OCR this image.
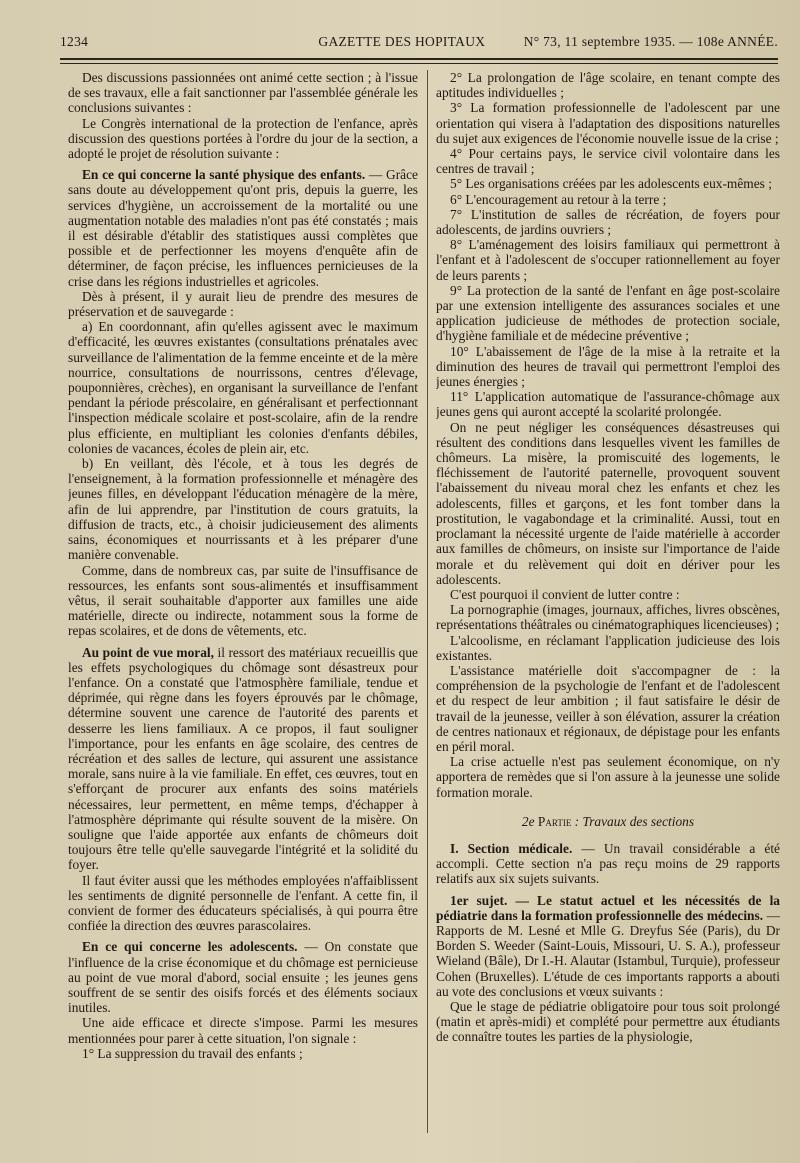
1234	GAZETTE DES HOPITAUX	N° 73, 11 septembre 1935. — 108e ANNÉE.

Des discussions passionnées ont animé cette section ; à l'issue de ses travaux, elle a fait sanctionner par l'assemblée générale les conclusions suivantes :

Le Congrès international de la protection de l'enfance, après discussion des questions portées à l'ordre du jour de la section, a adopté le projet de résolution suivante :

En ce qui concerne la santé physique des enfants. — Grâce sans doute au développement qu'ont pris, depuis la guerre, les services d'hygiène, un accroissement de la mortalité ou une augmentation notable des maladies n'ont pas été constatés ; mais il est désirable d'établir des statistiques aussi complètes que possible et de perfectionner les moyens d'enquête afin de déterminer, de façon précise, les influences pernicieuses de la crise dans les régions industrielles et agricoles.

Dès à présent, il y aurait lieu de prendre des mesures de préservation et de sauvegarde :

a) En coordonnant, afin qu'elles agissent avec le maximum d'efficacité, les œuvres existantes (consultations prénatales avec surveillance de l'alimentation de la femme enceinte et de la mère nourrice, consultations de nourrissons, centres d'élevage, pouponnières, crèches), en organisant la surveillance de l'enfant pendant la période préscolaire, en généralisant et perfectionnant l'inspection médicale scolaire et post-scolaire, afin de la rendre plus efficiente, en multipliant les colonies d'enfants débiles, colonies de vacances, écoles de plein air, etc.

b) En veillant, dès l'école, et à tous les degrés de l'enseignement, à la formation professionnelle et ménagère des jeunes filles, en développant l'éducation ménagère de la mère, afin de lui apprendre, par l'institution de cours gratuits, la diffusion de tracts, etc., à choisir judicieusement des aliments sains, économiques et nourrissants et à les préparer d'une manière convenable.

Comme, dans de nombreux cas, par suite de l'insuffisance de ressources, les enfants sont sous-alimentés et insuffisamment vêtus, il serait souhaitable d'apporter aux familles une aide matérielle, directe ou indirecte, notamment sous la forme de repas scolaires, et de dons de vêtements, etc.

Au point de vue moral, il ressort des matériaux recueillis que les effets psychologiques du chômage sont désastreux pour l'enfance. On a constaté que l'atmosphère familiale, tendue et déprimée, qui règne dans les foyers éprouvés par le chômage, détermine souvent une carence de l'autorité des parents et desserre les liens familiaux. A ce propos, il faut souligner l'importance, pour les enfants en âge scolaire, des centres de récréation et des salles de lecture, qui assurent une assistance morale, sans nuire à la vie familiale. En effet, ces œuvres, tout en s'efforçant de procurer aux enfants des soins matériels nécessaires, leur permettent, en même temps, d'échapper à l'atmosphère déprimante qui résulte souvent de la misère. On souligne que l'aide apportée aux enfants de chômeurs doit toujours être telle qu'elle sauvegarde l'intégrité et la solidité du foyer.

Il faut éviter aussi que les méthodes employées n'affaiblissent les sentiments de dignité personnelle de l'enfant. A cette fin, il convient de former des éducateurs spécialisés, à qui pourra être confiée la direction des œuvres parascolaires.

En ce qui concerne les adolescents. — On constate que l'influence de la crise économique et du chômage est pernicieuse au point de vue moral d'abord, social ensuite ; les jeunes gens souffrent de se sentir des oisifs forcés et des éléments sociaux inutiles.

Une aide efficace et directe s'impose. Parmi les mesures mentionnées pour parer à cette situation, l'on signale :

1° La suppression du travail des enfants ;

2° La prolongation de l'âge scolaire, en tenant compte des aptitudes individuelles ;

3° La formation professionnelle de l'adolescent par une orientation qui visera à l'adaptation des dispositions naturelles du sujet aux exigences de l'économie nouvelle issue de la crise ;

4° Pour certains pays, le service civil volontaire dans les centres de travail ;

5° Les organisations créées par les adolescents eux-mêmes ;

6° L'encouragement au retour à la terre ;

7° L'institution de salles de récréation, de foyers pour adolescents, de jardins ouvriers ;

8° L'aménagement des loisirs familiaux qui permettront à l'enfant et à l'adolescent de s'occuper rationnellement au foyer de leurs parents ;

9° La protection de la santé de l'enfant en âge post-scolaire par une extension intelligente des assurances sociales et une application judicieuse de méthodes de protection sociale, d'hygiène familiale et de médecine préventive ;

10° L'abaissement de l'âge de la mise à la retraite et la diminution des heures de travail qui permettront l'emploi des jeunes énergies ;

11° L'application automatique de l'assurance-chômage aux jeunes gens qui auront accepté la scolarité prolongée.

On ne peut négliger les conséquences désastreuses qui résultent des conditions dans lesquelles vivent les familles de chômeurs. La misère, la promiscuité des logements, le fléchissement de l'autorité paternelle, provoquent souvent l'abaissement du niveau moral chez les enfants et chez les adolescents, filles et garçons, et les font tomber dans la prostitution, le vagabondage et la criminalité. Aussi, tout en proclamant la nécessité urgente de l'aide matérielle à accorder aux familles de chômeurs, on insiste sur l'importance de l'aide morale et du relèvement qui doit en dériver pour les adolescents.

C'est pourquoi il convient de lutter contre :

La pornographie (images, journaux, affiches, livres obscènes, représentations théâtrales ou cinématographiques licencieuses) ;

L'alcoolisme, en réclamant l'application judicieuse des lois existantes.

L'assistance matérielle doit s'accompagner de : la compréhension de la psychologie de l'enfant et de l'adolescent et du respect de leur ambition ; il faut satisfaire le désir de travail de la jeunesse, veiller à son élévation, assurer la création de centres nationaux et régionaux, de dépistage pour les enfants en péril moral.

La crise actuelle n'est pas seulement économique, on n'y apportera de remèdes que si l'on assure à la jeunesse une solide formation morale.

2e Partie : Travaux des sections

I. Section médicale. — Un travail considérable a été accompli. Cette section n'a pas reçu moins de 29 rapports relatifs aux six sujets suivants.

1er sujet. — Le statut actuel et les nécessités de la pédiatrie dans la formation professionnelle des médecins. — Rapports de M. Lesné et Mlle G. Dreyfus Sée (Paris), du Dr Borden S. Weeder (Saint-Louis, Missouri, U. S. A.), professeur Wieland (Bâle), Dr I.-H. Alautar (Istambul, Turquie), professeur Cohen (Bruxelles). L'étude de ces importants rapports a abouti au vote des conclusions et vœux suivants :

Que le stage de pédiatrie obligatoire pour tous soit prolongé (matin et après-midi) et complété pour permettre aux étudiants de connaître toutes les parties de la physiologie,
